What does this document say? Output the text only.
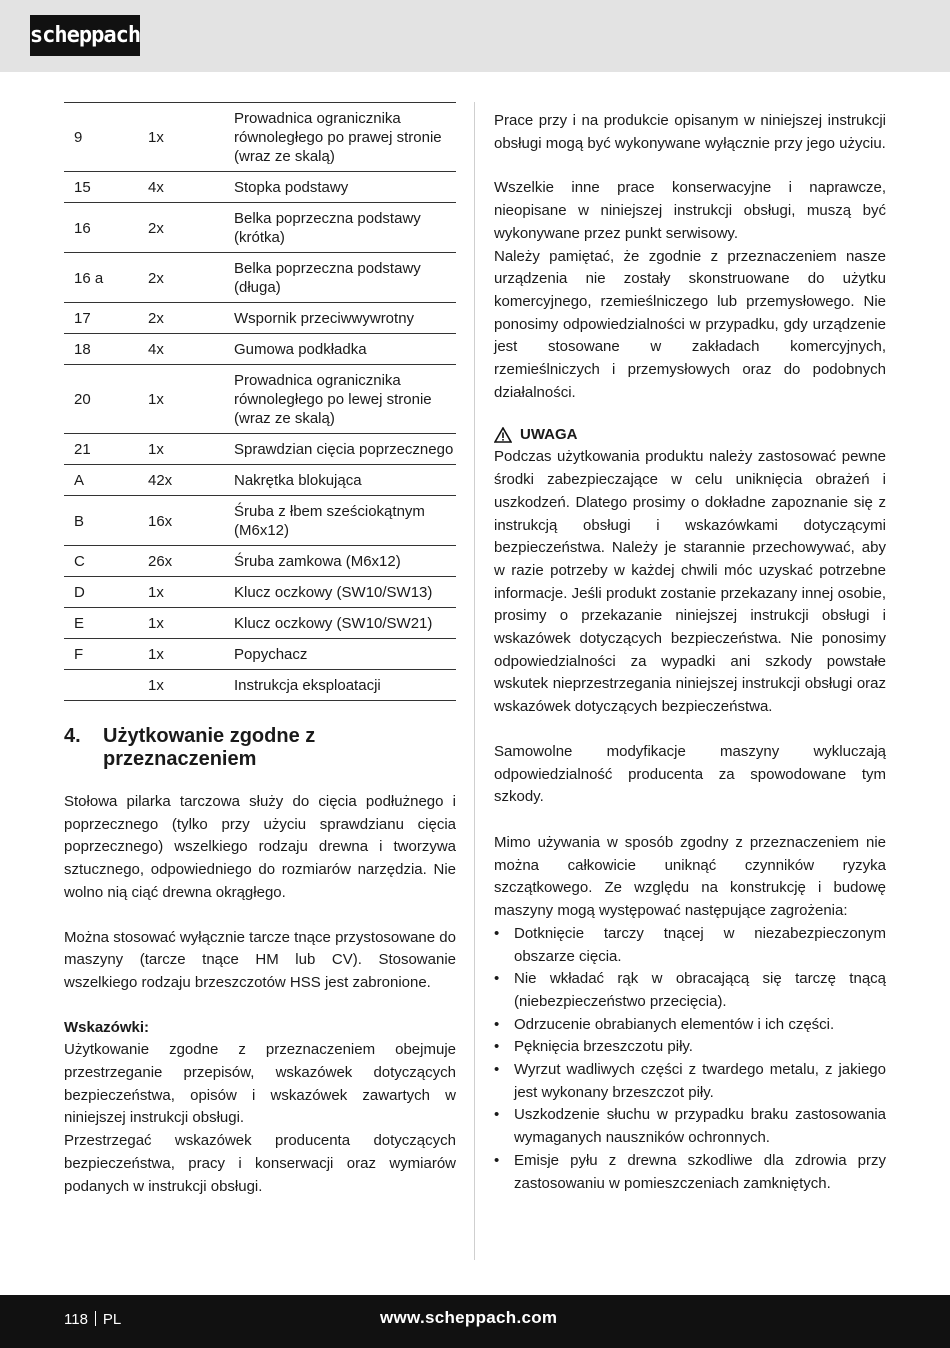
scheppach
9	1x	Prowadnica ogranicznika równoległego po prawej stronie (wraz ze skalą)
15	4x	Stopka podstawy
16	2x	Belka poprzeczna podstawy (krótka)
16 a	2x	Belka poprzeczna podstawy (długa)
17	2x	Wspornik przeciwwywrotny
18	4x	Gumowa podkładka
20	1x	Prowadnica ogranicznika równoległego po lewej stronie (wraz ze skalą)
21	1x	Sprawdzian cięcia poprzecznego
A	42x	Nakrętka blokująca
B	16x	Śruba z łbem sześciokątnym (M6x12)
C	26x	Śruba zamkowa (M6x12)
D	1x	Klucz oczkowy (SW10/SW13)
E	1x	Klucz oczkowy (SW10/SW21)
F	1x	Popychacz
	1x	Instrukcja eksploatacji
4.	Użytkowanie zgodne z przeznaczeniem

Stołowa pilarka tarczowa służy do cięcia podłużnego i poprzecznego (tylko przy użyciu sprawdzianu cięcia poprzecznego) wszelkiego rodzaju drewna i tworzywa sztucznego, odpowiedniego do rozmiarów narzędzia. Nie wolno nią ciąć drewna okrągłego.

Można stosować wyłącznie tarcze tnące przystosowane do maszyny (tarcze tnące HM lub CV). Stosowanie wszelkiego rodzaju brzeszczotów HSS jest zabronione.

Wskazówki:

Użytkowanie zgodne z przeznaczeniem obejmuje przestrzeganie przepisów, wskazówek dotyczących bezpieczeństwa, opisów i wskazówek zawartych w niniejszej instrukcji obsługi.

Przestrzegać wskazówek producenta dotyczących bezpieczeństwa, pracy i konserwacji oraz wymiarów podanych w instrukcji obsługi.

Prace przy i na produkcie opisanym w niniejszej instrukcji obsługi mogą być wykonywane wyłącznie przy jego użyciu.

Wszelkie inne prace konserwacyjne i naprawcze, nieopisane w niniejszej instrukcji obsługi, muszą być wykonywane przez punkt serwisowy.

Należy pamiętać, że zgodnie z przeznaczeniem nasze urządzenia nie zostały skonstruowane do użytku komercyjnego, rzemieślniczego lub przemysłowego. Nie ponosimy odpowiedzialności w przypadku, gdy urządzenie jest stosowane w zakładach komercyjnych, rzemieślniczych i przemysłowych oraz do podobnych działalności.

UWAGA

Podczas użytkowania produktu należy zastosować pewne środki zabezpieczające w celu uniknięcia obrażeń i uszkodzeń. Dlatego prosimy o dokładne zapoznanie się z instrukcją obsługi i wskazówkami dotyczącymi bezpieczeństwa. Należy je starannie przechowywać, aby w razie potrzeby w każdej chwili móc uzyskać potrzebne informacje. Jeśli produkt zostanie przekazany innej osobie, prosimy o przekazanie niniejszej instrukcji obsługi i wskazówek dotyczących bezpieczeństwa. Nie ponosimy odpowiedzialności za wypadki ani szkody powstałe wskutek nieprzestrzegania niniejszej instrukcji obsługi oraz wskazówek dotyczących bezpieczeństwa.

Samowolne modyfikacje maszyny wykluczają odpowiedzialność producenta za spowodowane tym szkody.

Mimo używania w sposób zgodny z przeznaczeniem nie można całkowicie uniknąć czynników ryzyka szczątkowego. Ze względu na konstrukcję i budowę maszyny mogą występować następujące zagrożenia:

• Dotknięcie tarczy tnącej w niezabezpieczonym obszarze cięcia.
• Nie wkładać rąk w obracającą się tarczę tnącą (niebezpieczeństwo przecięcia).
• Odrzucenie obrabianych elementów i ich części.
• Pęknięcia brzeszczotu piły.
• Wyrzut wadliwych części z twardego metalu, z jakiego jest wykonany brzeszczot piły.
• Uszkodzenie słuchu w przypadku braku zastosowania wymaganych nauszników ochronnych.
• Emisje pyłu z drewna szkodliwe dla zdrowia przy zastosowaniu w pomieszczeniach zamkniętych.
118 PL	www.scheppach.com
